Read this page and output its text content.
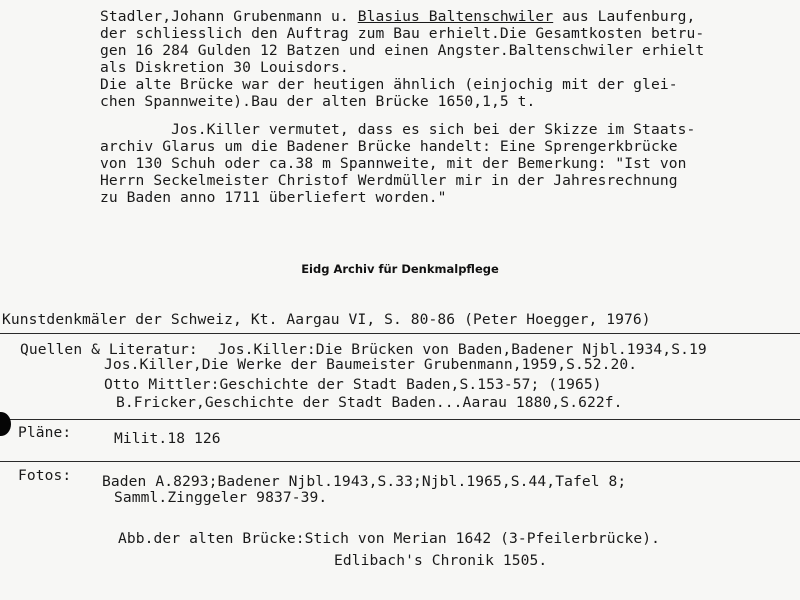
Stadler,Johann Grubenmann u. Blasius Baltenschwiler aus Laufenburg,
der schliesslich den Auftrag zum Bau erhielt.Die Gesamtkosten betru-
gen 16 284 Gulden 12 Batzen und einen Angster.Baltenschwiler erhielt
als Diskretion 30 Louisdors.
Die alte Brücke war der heutigen ähnlich (einjochig mit der glei-
chen Spannweite).Bau der alten Brücke 1650,1,5 t.
Jos.Killer vermutet, dass es sich bei der Skizze im Staats-
archiv Glarus um die Badener Brücke handelt: Eine Sprengerkbrücke
von 130 Schuh oder ca.38 m Spannweite, mit der Bemerkung: "Ist von
Herrn Seckelmeister Christof Werdmüller mir in der Jahresrechnung
zu Baden anno 1711 überliefert worden."
Eidg Archiv für Denkmalpflege
Kunstdenkmäler der Schweiz, Kt. Aargau VI, S. 80-86 (Peter Hoegger, 1976)
Quellen & Literatur: Jos.Killer:Die Brücken von Baden,Badener Njbl.1934,S.19
Jos.Killer,Die Werke der Baumeister Grubenmann,1959,S.52.20.
Otto Mittler:Geschichte der Stadt Baden,S.153-57; (1965)
B.Fricker,Geschichte der Stadt Baden...Aarau 1880,S.622f.
Pläne:	Milit.18 126
Fotos: Baden A.8293;Badener Njbl.1943,S.33;Njbl.1965,S.44,Tafel 8;
Samml.Zinggeler 9837-39.
Abb.der alten Brücke:Stich von Merian 1642 (3-Pfeilerbrücke).
Edlibach's Chronik 1505.
